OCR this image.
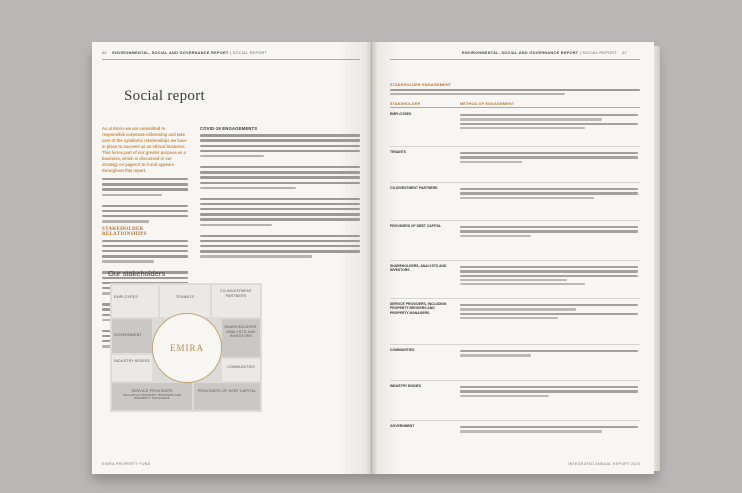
66 ENVIRONMENTAL, SOCIAL AND GOVERNANCE REPORT | SOCIAL REPORT
Social report
As at Emira we are committed to responsible corporate citizenship and take care of the symbiotic relationships we have in place to succeed as an ethical business. This forms part of our greater purpose as a business, which is discussed in our strategy on pages 0 to 0 and appears throughout this report.
STAKEHOLDER RELATIONSHIPS
COVID-19 ENGAGEMENTS
EMIRA PROPERTY FUND
Our stakeholders
EMPLOYEES	TENANTS
CO-INVESTMENT PARTNERS
GOVERNMENT
SHAREHOLDERS, ANALYSTS AND INVESTORS
INDUSTRY BODIES
COMMUNITIES
SERVICE PROVIDERS
INCLUDING PROPERTY BROKERS AND PROPERTY MANAGERS
PROVIDERS OF DEBT CAPITAL
EMIRA
ENVIRONMENTAL, SOCIAL AND GOVERNANCE REPORT | SOCIAL REPORT 67
STAKEHOLDER ENGAGEMENT
STAKEHOLDER	METHOD OF ENGAGEMENT
EMPLOYEES
TENANTS
CO-INVESTMENT PARTNERS
PROVIDERS OF DEBT CAPITAL
SHAREHOLDERS, ANALYSTS AND INVESTORS
SERVICE PROVIDERS, INCLUDING PROPERTY BROKERS AND PROPERTY MANAGERS
COMMUNITIES
INDUSTRY BODIES
GOVERNMENT
INTEGRATED ANNUAL REPORT 2020
